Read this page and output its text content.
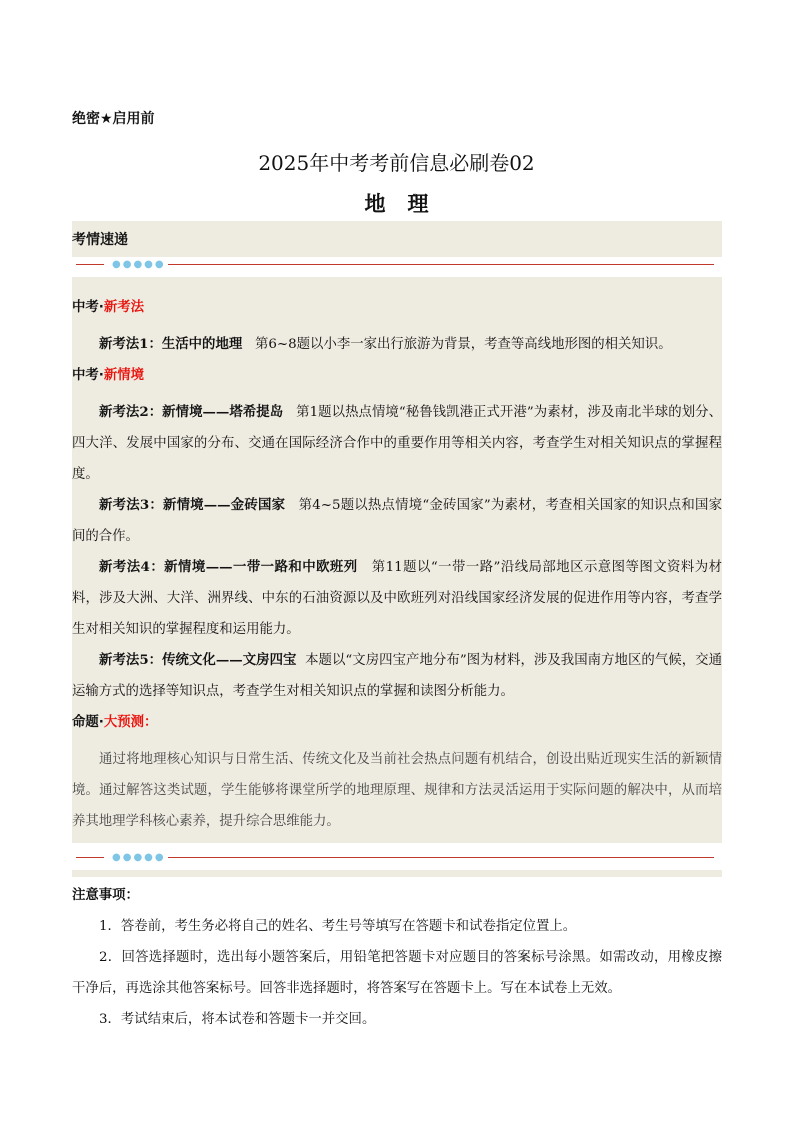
绝密★启用前
2025年中考考前信息必刷卷02
地理
考情速递
●●●●●

中考·新考法

新考法1：生活中的地理 第6~8题以小李一家出行旅游为背景，考查等高线地形图的相关知识。

中考·新情境

新考法2：新情境——塔希提岛 第1题以热点情境“秘鲁钱凯港正式开港”为素材，涉及南北半球的划分、四大洋、发展中国家的分布、交通在国际经济合作中的重要作用等相关内容，考查学生对相关知识点的掌握程度。

新考法3：新情境——金砖国家 第4~5题以热点情境“金砖国家”为素材，考查相关国家的知识点和国家间的合作。

新考法4：新情境——一带一路和中欧班列 第11题以“一带一路”沿线局部地区示意图等图文资料为材料，涉及大洲、大洋、洲界线、中东的石油资源以及中欧班列对沿线国家经济发展的促进作用等内容，考查学生对相关知识的掌握程度和运用能力。

新考法5：传统文化——文房四宝 本题以“文房四宝产地分布”图为材料，涉及我国南方地区的气候，交通运输方式的选择等知识点，考查学生对相关知识点的掌握和读图分析能力。

命题·大预测：

通过将地理核心知识与日常生活、传统文化及当前社会热点问题有机结合，创设出贴近现实生活的新颖情境。通过解答这类试题，学生能够将课堂所学的地理原理、规律和方法灵活运用于实际问题的解决中，从而培养其地理学科核心素养，提升综合思维能力。

●●●●●

注意事项：

1．答卷前，考生务必将自己的姓名、考生号等填写在答题卡和试卷指定位置上。

2．回答选择题时，选出每小题答案后，用铅笔把答题卡对应题目的答案标号涂黑。如需改动，用橡皮擦干净后，再选涂其他答案标号。回答非选择题时，将答案写在答题卡上。写在本试卷上无效。

3．考试结束后，将本试卷和答题卡一并交回。
